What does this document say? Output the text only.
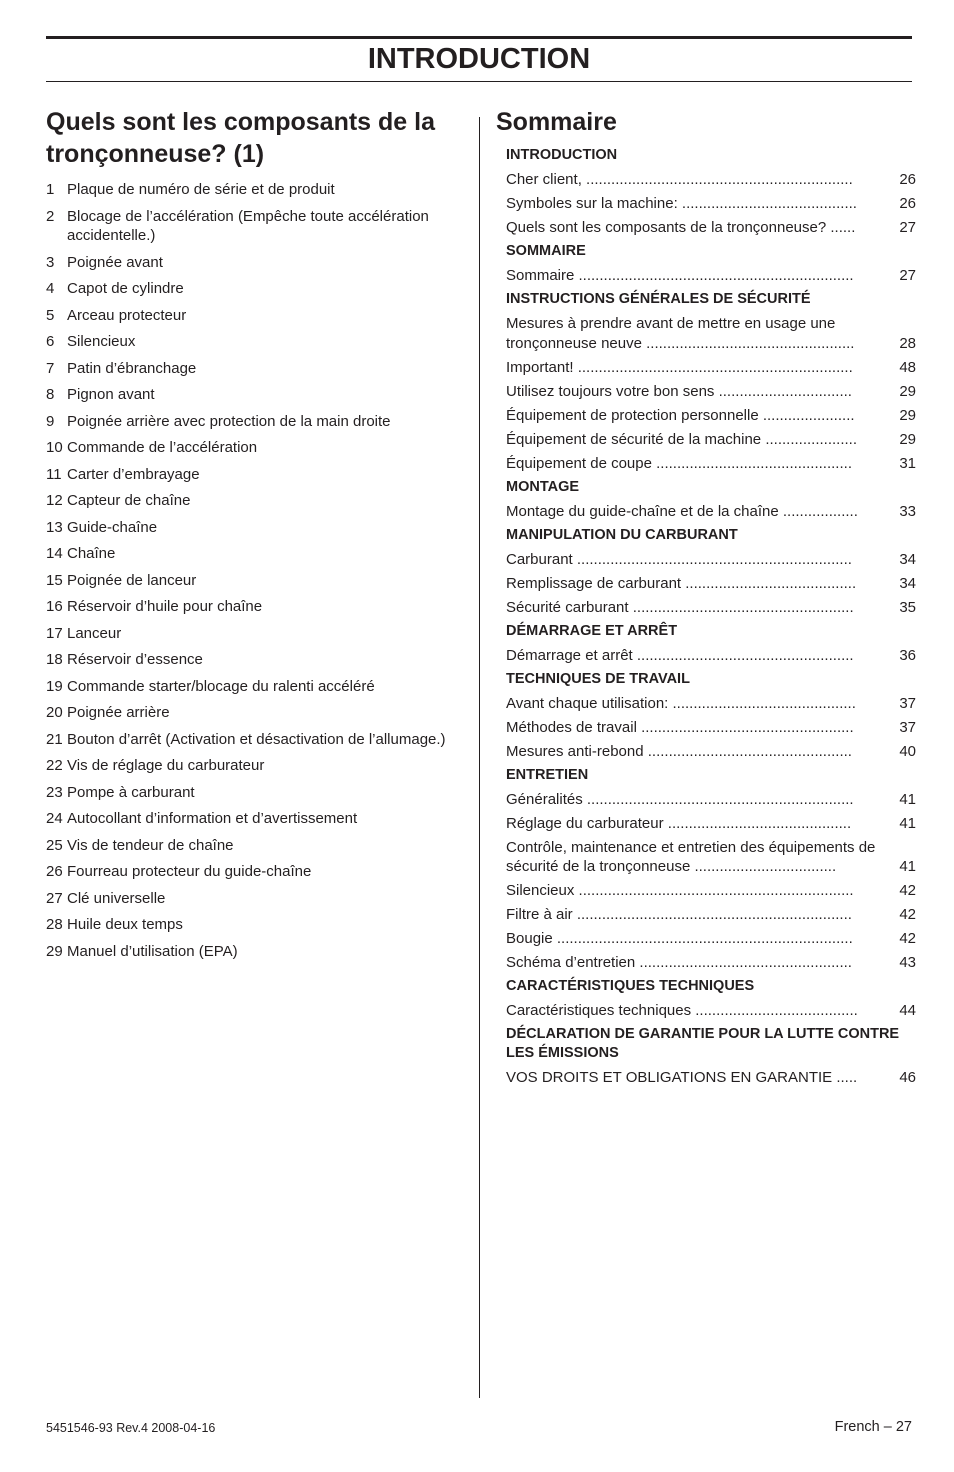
INTRODUCTION
Quels sont les composants de la tronçonneuse? (1)
1 Plaque de numéro de série et de produit
2 Blocage de l’accélération (Empêche toute accélération accidentelle.)
3 Poignée avant
4 Capot de cylindre
5 Arceau protecteur
6 Silencieux
7 Patin d’ébranchage
8 Pignon avant
9 Poignée arrière avec protection de la main droite
10 Commande de l’accélération
11 Carter d’embrayage
12 Capteur de chaîne
13 Guide-chaîne
14 Chaîne
15 Poignée de lanceur
16 Réservoir d’huile pour chaîne
17 Lanceur
18 Réservoir d’essence
19 Commande starter/blocage du ralenti accéléré
20 Poignée arrière
21 Bouton d’arrêt (Activation et désactivation de l’allumage.)
22 Vis de réglage du carburateur
23 Pompe à carburant
24 Autocollant d’information et d’avertissement
25 Vis de tendeur de chaîne
26 Fourreau protecteur du guide-chaîne
27 Clé universelle
28 Huile deux temps
29 Manuel d’utilisation (EPA)
Sommaire
INTRODUCTION
Cher client, ................................................................	26
Symboles sur la machine: ..........................................	26
Quels sont les composants de la tronçonneuse? ......	27
SOMMAIRE
Sommaire ..................................................................	27
INSTRUCTIONS GÉNÉRALES DE SÉCURITÉ
Mesures à prendre avant de mettre en usage une tronçonneuse neuve ..................................................	28
Important! ..................................................................	48
Utilisez toujours votre bon sens ................................	29
Équipement de protection personnelle ......................	29
Équipement de sécurité de la machine ......................	29
Équipement de coupe ...............................................	31
MONTAGE
Montage du guide-chaîne et de la chaîne ..................	33
MANIPULATION DU CARBURANT
Carburant ..................................................................	34
Remplissage de carburant .........................................	34
Sécurité carburant .....................................................	35
DÉMARRAGE ET ARRÊT
Démarrage et arrêt ....................................................	36
TECHNIQUES DE TRAVAIL
Avant chaque utilisation: ............................................	37
Méthodes de travail ...................................................	37
Mesures anti-rebond .................................................	40
ENTRETIEN
Généralités ................................................................	41
Réglage du carburateur ............................................	41
Contrôle, maintenance et entretien des équipements de sécurité de la tronçonneuse ..................................	41
Silencieux ..................................................................	42
Filtre à air ..................................................................	42
Bougie .......................................................................	42
Schéma d’entretien ...................................................	43
CARACTÉRISTIQUES TECHNIQUES
Caractéristiques techniques .......................................	44
DÉCLARATION DE GARANTIE POUR LA LUTTE CONTRE LES ÉMISSIONS
VOS DROITS ET OBLIGATIONS EN GARANTIE .....	46
5451546-93 Rev.4 2008-04-16	French – 27
